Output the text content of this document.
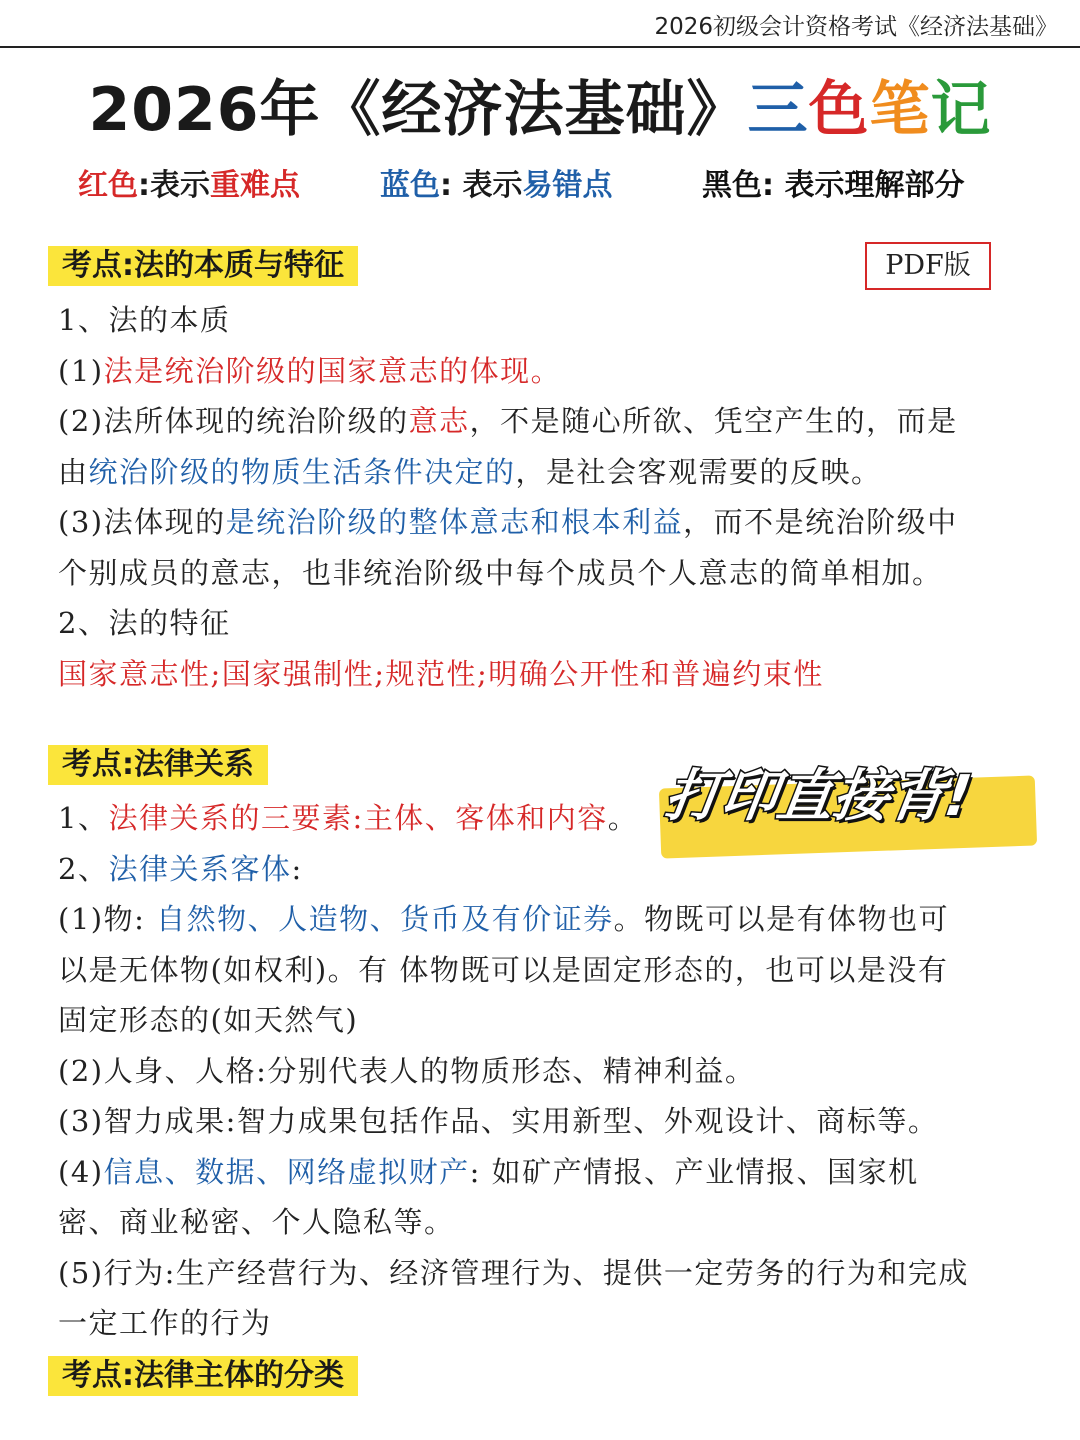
2026初级会计资格考试《经济法基础》
2026年《经济法基础》三色笔记
红色:表示重难点	蓝色: 表示易错点	黑色: 表示理解部分
考点:法的本质与特征	PDF版
1、法的本质
(1)法是统治阶级的国家意志的体现。
(2)法所体现的统治阶级的意志，不是随心所欲、凭空产生的，而是
由统治阶级的物质生活条件决定的，是社会客观需要的反映。
(3)法体现的是统治阶级的整体意志和根本利益，而不是统治阶级中
个别成员的意志，也非统治阶级中每个成员个人意志的简单相加。
2、法的特征
国家意志性;国家强制性;规范性;明确公开性和普遍约束性
考点:法律关系	打印直接背!
1、法律关系的三要素:主体、客体和内容。
2、法律关系客体:
(1)物: 自然物、人造物、货币及有价证券。物既可以是有体物也可
以是无体物(如权利)。有 体物既可以是固定形态的，也可以是没有
固定形态的(如天然气)
(2)人身、人格:分别代表人的物质形态、精神利益。
(3)智力成果:智力成果包括作品、实用新型、外观设计、商标等。
(4)信息、数据、网络虚拟财产: 如矿产情报、产业情报、国家机
密、商业秘密、个人隐私等。
(5)行为:生产经营行为、经济管理行为、提供一定劳务的行为和完成
一定工作的行为
考点:法律主体的分类
